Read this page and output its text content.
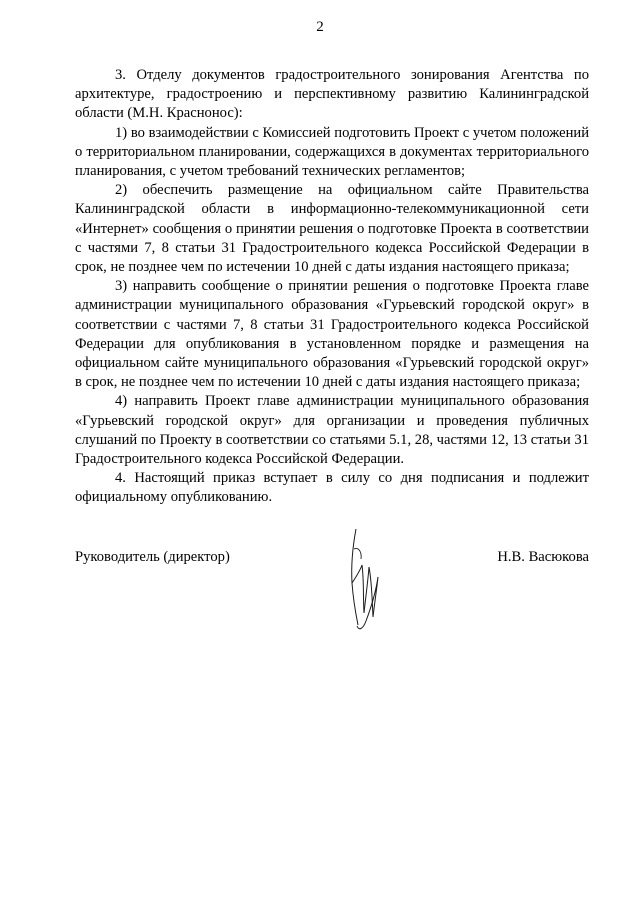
2

3. Отделу документов градостроительного зонирования Агентства по архитектуре, градостроению и перспективному развитию Калининградской области (М.Н. Краснонос):

1) во взаимодействии с Комиссией подготовить Проект с учетом положений о территориальном планировании, содержащихся в документах территориального планирования, с учетом требований технических регламентов;

2) обеспечить размещение на официальном сайте Правительства Калининградской области в информационно-телекоммуникационной сети «Интернет» сообщения о принятии решения о подготовке Проекта в соответствии с частями 7, 8 статьи 31 Градостроительного кодекса Российской Федерации в срок, не позднее чем по истечении 10 дней с даты издания настоящего приказа;

3) направить сообщение о принятии решения о подготовке Проекта главе администрации муниципального образования «Гурьевский городской округ» в соответствии с частями 7, 8 статьи 31 Градостроительного кодекса Российской Федерации для опубликования в установленном порядке и размещения на официальном сайте муниципального образования «Гурьевский городской округ» в срок, не позднее чем по истечении 10 дней с даты издания настоящего приказа;

4) направить Проект главе администрации муниципального образования «Гурьевский городской округ» для организации и проведения публичных слушаний по Проекту в соответствии со статьями 5.1, 28, частями 12, 13 статьи 31 Градостроительного кодекса Российской Федерации.

4. Настоящий приказ вступает в силу со дня подписания и подлежит официальному опубликованию.

Руководитель (директор)	Н.В. Васюкова
